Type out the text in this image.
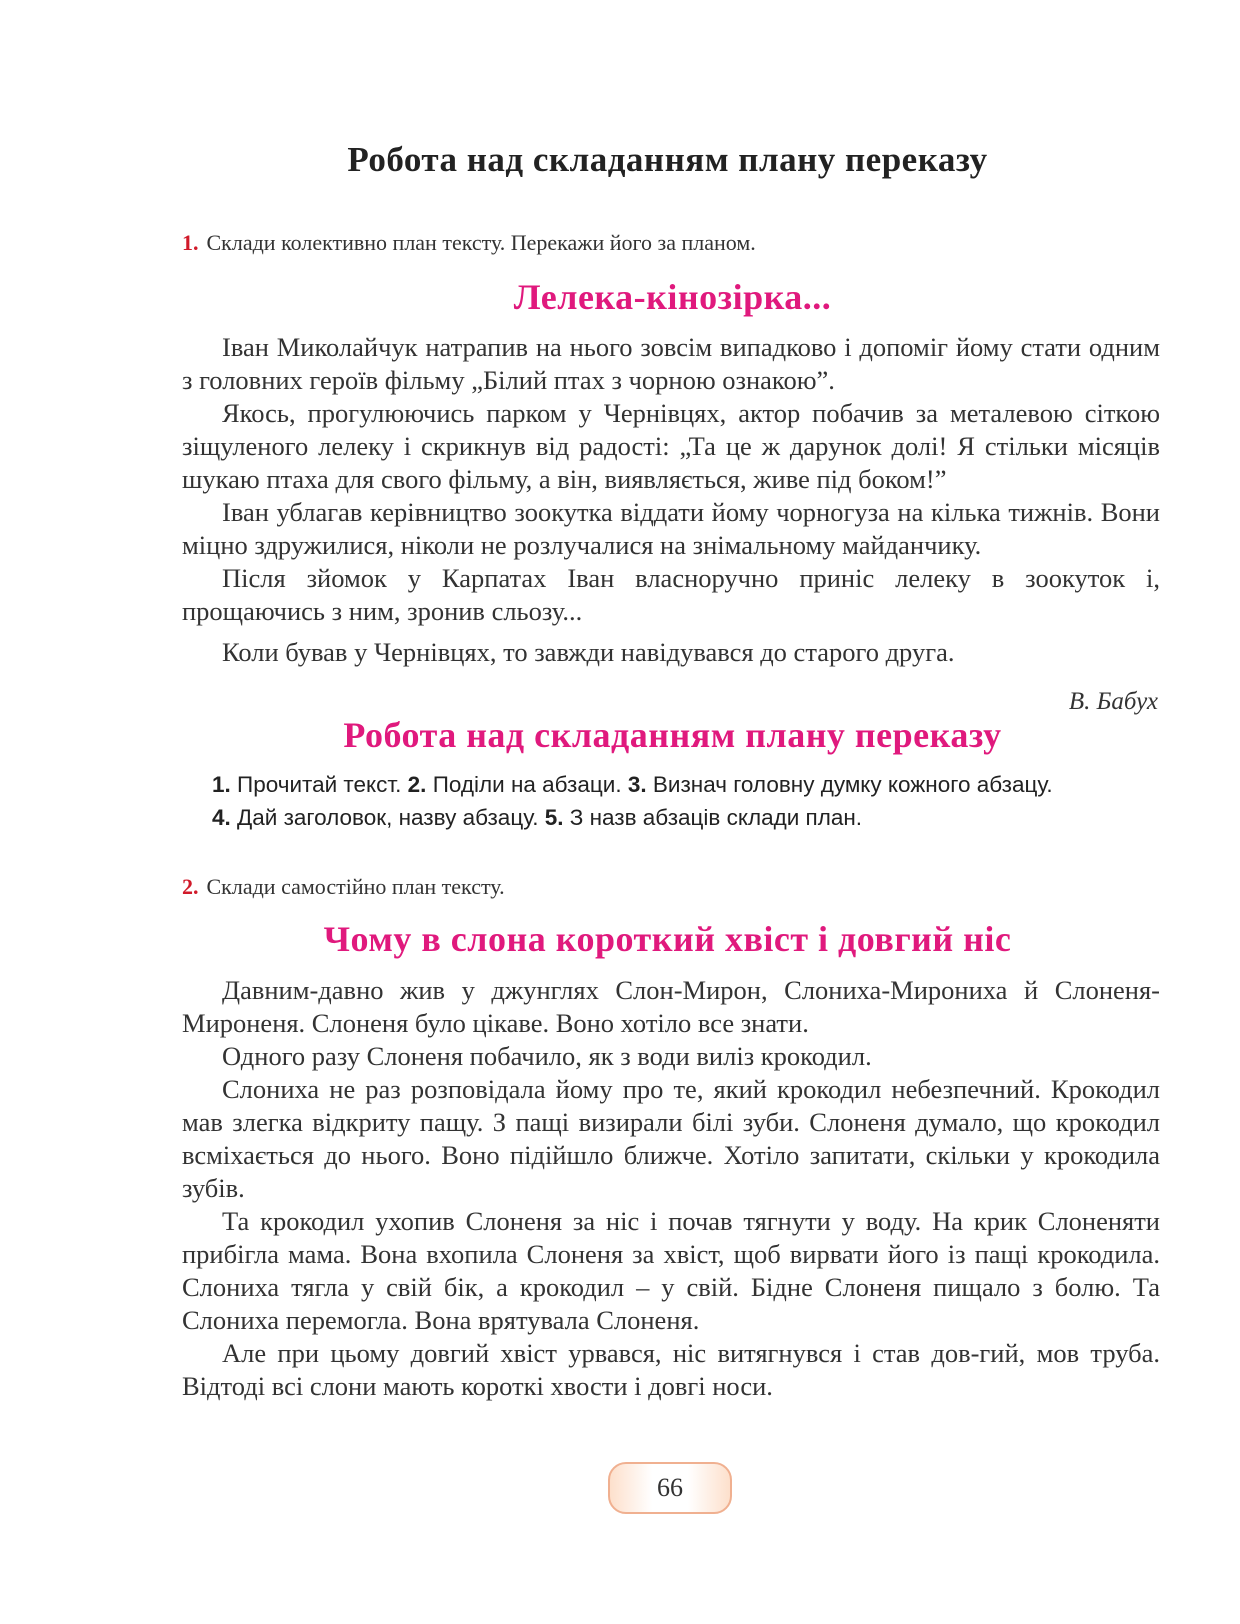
Робота над складанням плану переказу
1. Склади колективно план тексту. Перекажи його за планом.
Лелека-кінозірка...

Іван Миколайчук натрапив на нього зовсім випадково і допоміг йому стати одним з головних героїв фільму „Білий птах з чорною ознакою”.

Якось, прогулюючись парком у Чернівцях, актор побачив за металевою сіткою зіщуленого лелеку і скрикнув від радості: „Та це ж дарунок долі! Я стільки місяців шукаю птаха для свого фільму, а він, виявляється, живе під боком!”

Іван ублагав керівництво зоокутка віддати йому чорногуза на кілька тижнів. Вони міцно здружилися, ніколи не розлучалися на знімальному майданчику.

Після зйомок у Карпатах Іван власноручно приніс лелеку в зоокуток і, прощаючись з ним, зронив сльозу...

Коли бував у Чернівцях, то завжди навідувався до старого друга.

В. Бабух
Робота над складанням плану переказу
1. Прочитай текст. 2. Поділи на абзаци. 3. Визнач головну думку кожного абзацу.
4. Дай заголовок, назву абзацу. 5. З назв абзаців склади план.
2. Склади самостійно план тексту.
Чому в слона короткий хвіст і довгий ніс

Давним-давно жив у джунглях Слон-Мирон, Слониха-Мирониха й Слоненя-Мироненя. Слоненя було цікаве. Воно хотіло все знати.

Одного разу Слоненя побачило, як з води виліз крокодил.

Слониха не раз розповідала йому про те, який крокодил небезпечний. Крокодил мав злегка відкриту пащу. З пащі визирали білі зуби. Слоненя думало, що крокодил всміхається до нього. Воно підійшло ближче. Хотіло запитати, скільки у крокодила зубів.

Та крокодил ухопив Слоненя за ніс і почав тягнути у воду. На крик Слоненяти прибігла мама. Вона вхопила Слоненя за хвіст, щоб вирвати його із пащі крокодила. Слониха тягла у свій бік, а крокодил – у свій. Бідне Слоненя пищало з болю. Та Слониха перемогла. Вона врятувала Слоненя.

Але при цьому довгий хвіст урвався, ніс витягнувся і став дов-гий, мов труба. Відтоді всі слони мають короткі хвости і довгі носи.

66
